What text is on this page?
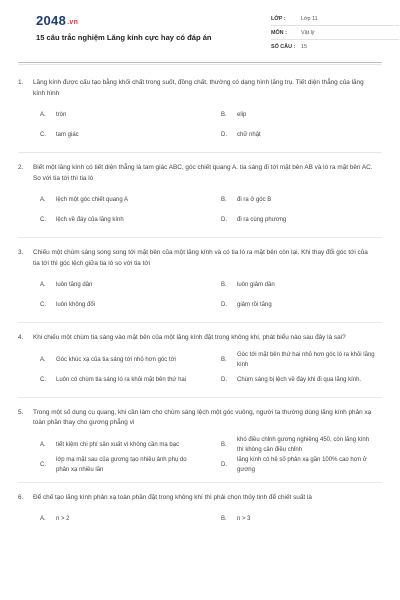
2048.vn
15 câu trắc nghiệm Lăng kính cực hay có đáp án
LỚP :	Lớp 11
MÔN :	Vật lý
SỐ CÂU :	15
1.	Lăng kính được cấu tạo bằng khối chất trong suốt, đồng chất, thường có dạng hình lăng trụ. Tiết diện thẳng của lăng kính hình
A.	tròn	B.	elip
C.	tam giác	D.	chữ nhật
2.	Biết một lăng kính có tiết diện thẳng là tam giác ABC, góc chiết quang A. tia sáng đi tới mặt bên AB và ló ra mặt bên AC. So với tia tới thì tia ló
A.	lệch một góc chiết quang A	B.	đi ra ở góc B
C.	lệch về đáy của lăng kính	D.	đi ra cùng phương
3.	Chiếu một chùm sáng song song tới mặt bên của một lăng kính và có tia ló ra mặt bên còn lại. Khi thay đổi góc tới của tia tới thì góc lệch giữa tia ló so với tia tới
A.	luôn tăng dần	B.	luôn giảm dần
C.	luôn không đổi	D.	giảm rồi tăng
4.	Khi chiếu một chùm tia sáng vào mặt bên của một lăng kính đặt trong không khí, phát biểu nào sau đây là sai?
A.	Góc khúc xạ của tia sáng tới nhỏ hơn góc tới	B.
Góc tới mặt bên thứ hai nhỏ hơn góc ló ra khỏi lăng kính
C.	Luôn có chùm tia sáng ló ra khỏi mặt bên thứ hai	D.	Chùm sáng bị lệch về đáy khi đi qua lăng kính.
5.	Trong một số dụng cụ quang, khi cần làm cho chùm sáng lệch một góc vuông, người ta thường dùng lăng kính phản xạ toàn phần thay cho gương phẳng vì
A.	tiết kiệm chi phí sản xuất vì không cần mạ bạc	B.
khó điều chỉnh gương nghiêng 450, còn lăng kính thì không cần điều chỉnh
C.
lớp mạ mặt sau của gương tạo nhiều ảnh phụ do phản xạ nhiều lần
D.
lăng kính có hệ số phản xạ gần 100% cao hơn ở gương
6.	Để chế tạo lăng kính phản xạ toàn phần đặt trong không khí thì phải chọn thủy tinh để chiết suất là
A.	n > 2	B.	n > 3
